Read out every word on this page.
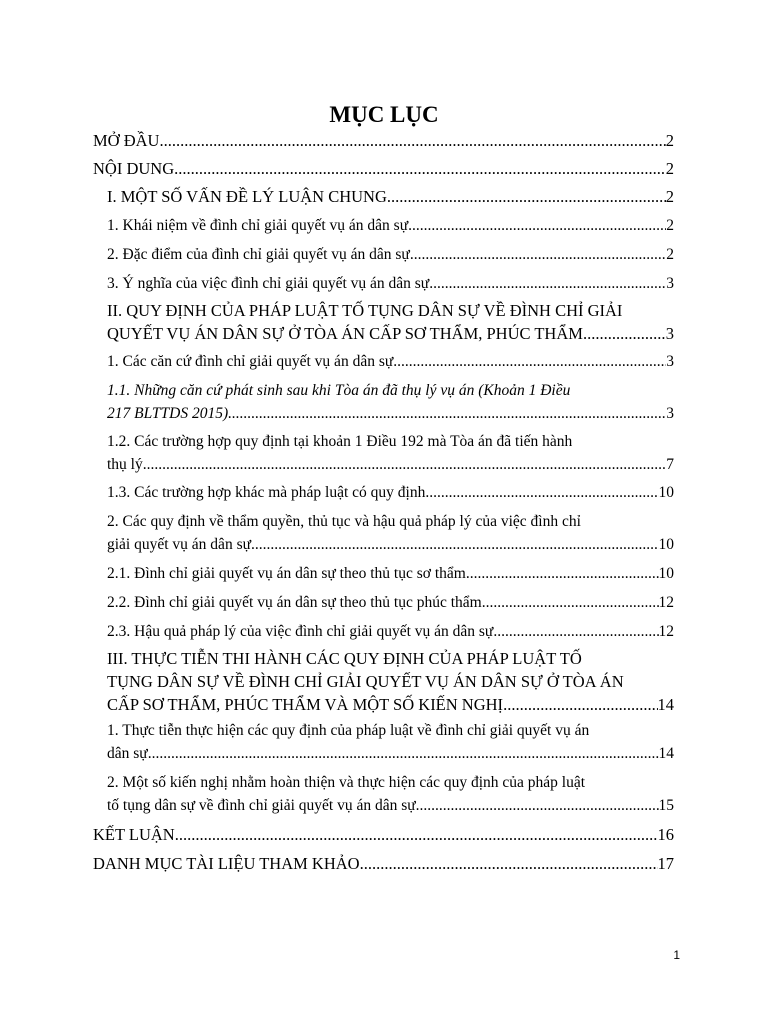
MỤC LỤC
MỞ ĐẦU .....	2
NỘI DUNG .....	2
I. MỘT SỐ VẤN ĐỀ LÝ LUẬN CHUNG .....	2
1. Khái niệm về đình chỉ giải quyết vụ án dân sự .....	2
2. Đặc điểm của đình chỉ giải quyết vụ án dân sự .....	2
3. Ý nghĩa của việc đình chỉ giải quyết vụ án dân sự .....	3
II. QUY ĐỊNH CỦA PHÁP LUẬT TỐ TỤNG DÂN SỰ VỀ ĐÌNH CHỈ GIẢI
QUYẾT VỤ ÁN DÂN SỰ Ở TÒA ÁN CẤP SƠ THẨM, PHÚC THẨM .....	3
1. Các căn cứ đình chỉ giải quyết vụ án dân sự .....	3
1.1. Những căn cứ phát sinh sau khi Tòa án đã thụ lý vụ án (Khoản 1 Điều
217 BLTTDS 2015) .....	3
1.2. Các trường hợp quy định tại khoản 1 Điều 192 mà Tòa án đã tiến hành
thụ lý .....	7
1.3. Các trường hợp khác mà pháp luật có quy định .....	10
2. Các quy định về thẩm quyền, thủ tục và hậu quả pháp lý của việc đình chỉ
giải quyết vụ án dân sự .....	10
2.1. Đình chỉ giải quyết vụ án dân sự theo thủ tục sơ thẩm .....	10
2.2. Đình chỉ giải quyết vụ án dân sự theo thủ tục phúc thẩm .....	12
2.3. Hậu quả pháp lý của việc đình chỉ giải quyết vụ án dân sự .....	12
III. THỰC TIỄN THI HÀNH CÁC QUY ĐỊNH CỦA PHÁP LUẬT TỐ
TỤNG DÂN SỰ VỀ ĐÌNH CHỈ GIẢI QUYẾT VỤ ÁN DÂN SỰ Ở TÒA ÁN
CẤP SƠ THẨM, PHÚC THẨM VÀ MỘT SỐ KIẾN NGHỊ .....	14
1. Thực tiễn thực hiện các quy định của pháp luật về đình chỉ giải quyết vụ án
dân sự .....	14
2. Một số kiến nghị nhằm hoàn thiện và thực hiện các quy định của pháp luật
tố tụng dân sự về đình chỉ giải quyết vụ án dân sự .....	15
KẾT LUẬN .....	16
DANH MỤC TÀI LIỆU THAM KHẢO .....	17
1
